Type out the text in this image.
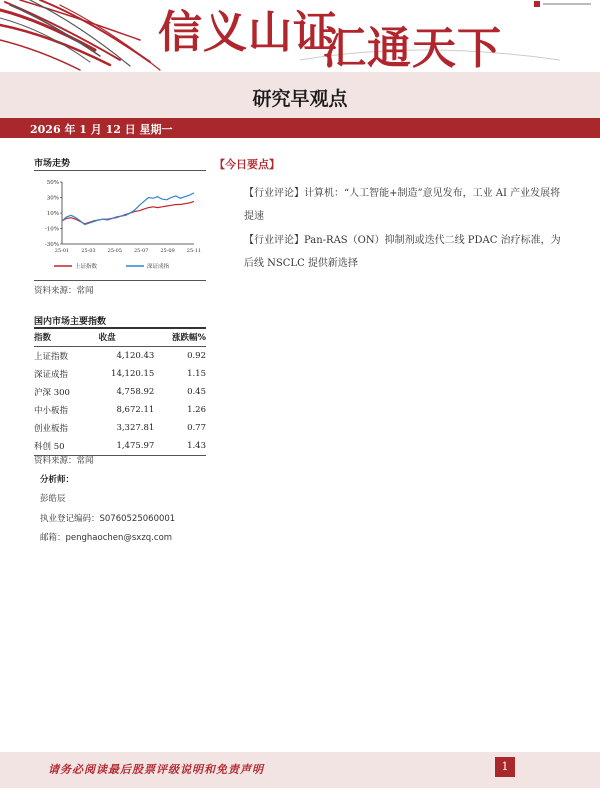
信义山证
汇通天下
研究早观点
2026 年 1 月 12 日 星期一
市场走势
50%
30%
10%
-10%
-30%
25-01 25-03 25-05 25-07 25-09 25-11
上证指数	深证成指
资料来源：常闻
国内市场主要指数
指数	收盘	涨跌幅%
上证指数	4,120.43	0.92
深证成指	14,120.15	1.15
沪深 300	4,758.92	0.45
中小板指	8,672.11	1.26
创业板指	3,327.81	0.77
科创 50	1,475.97	1.43
资料来源：常闻
分析师：
彭皓辰
执业登记编码：S0760525060001
邮箱：penghaochen@sxzq.com
【今日要点】
【行业评论】计算机：“人工智能+制造”意见发布，工业 AI 产业发展将提速
【行业评论】Pan-RAS（ON）抑制剂或迭代二线 PDAC 治疗标准，为后线 NSCLC 提供新选择
请务必阅读最后股票评级说明和免责声明	1
